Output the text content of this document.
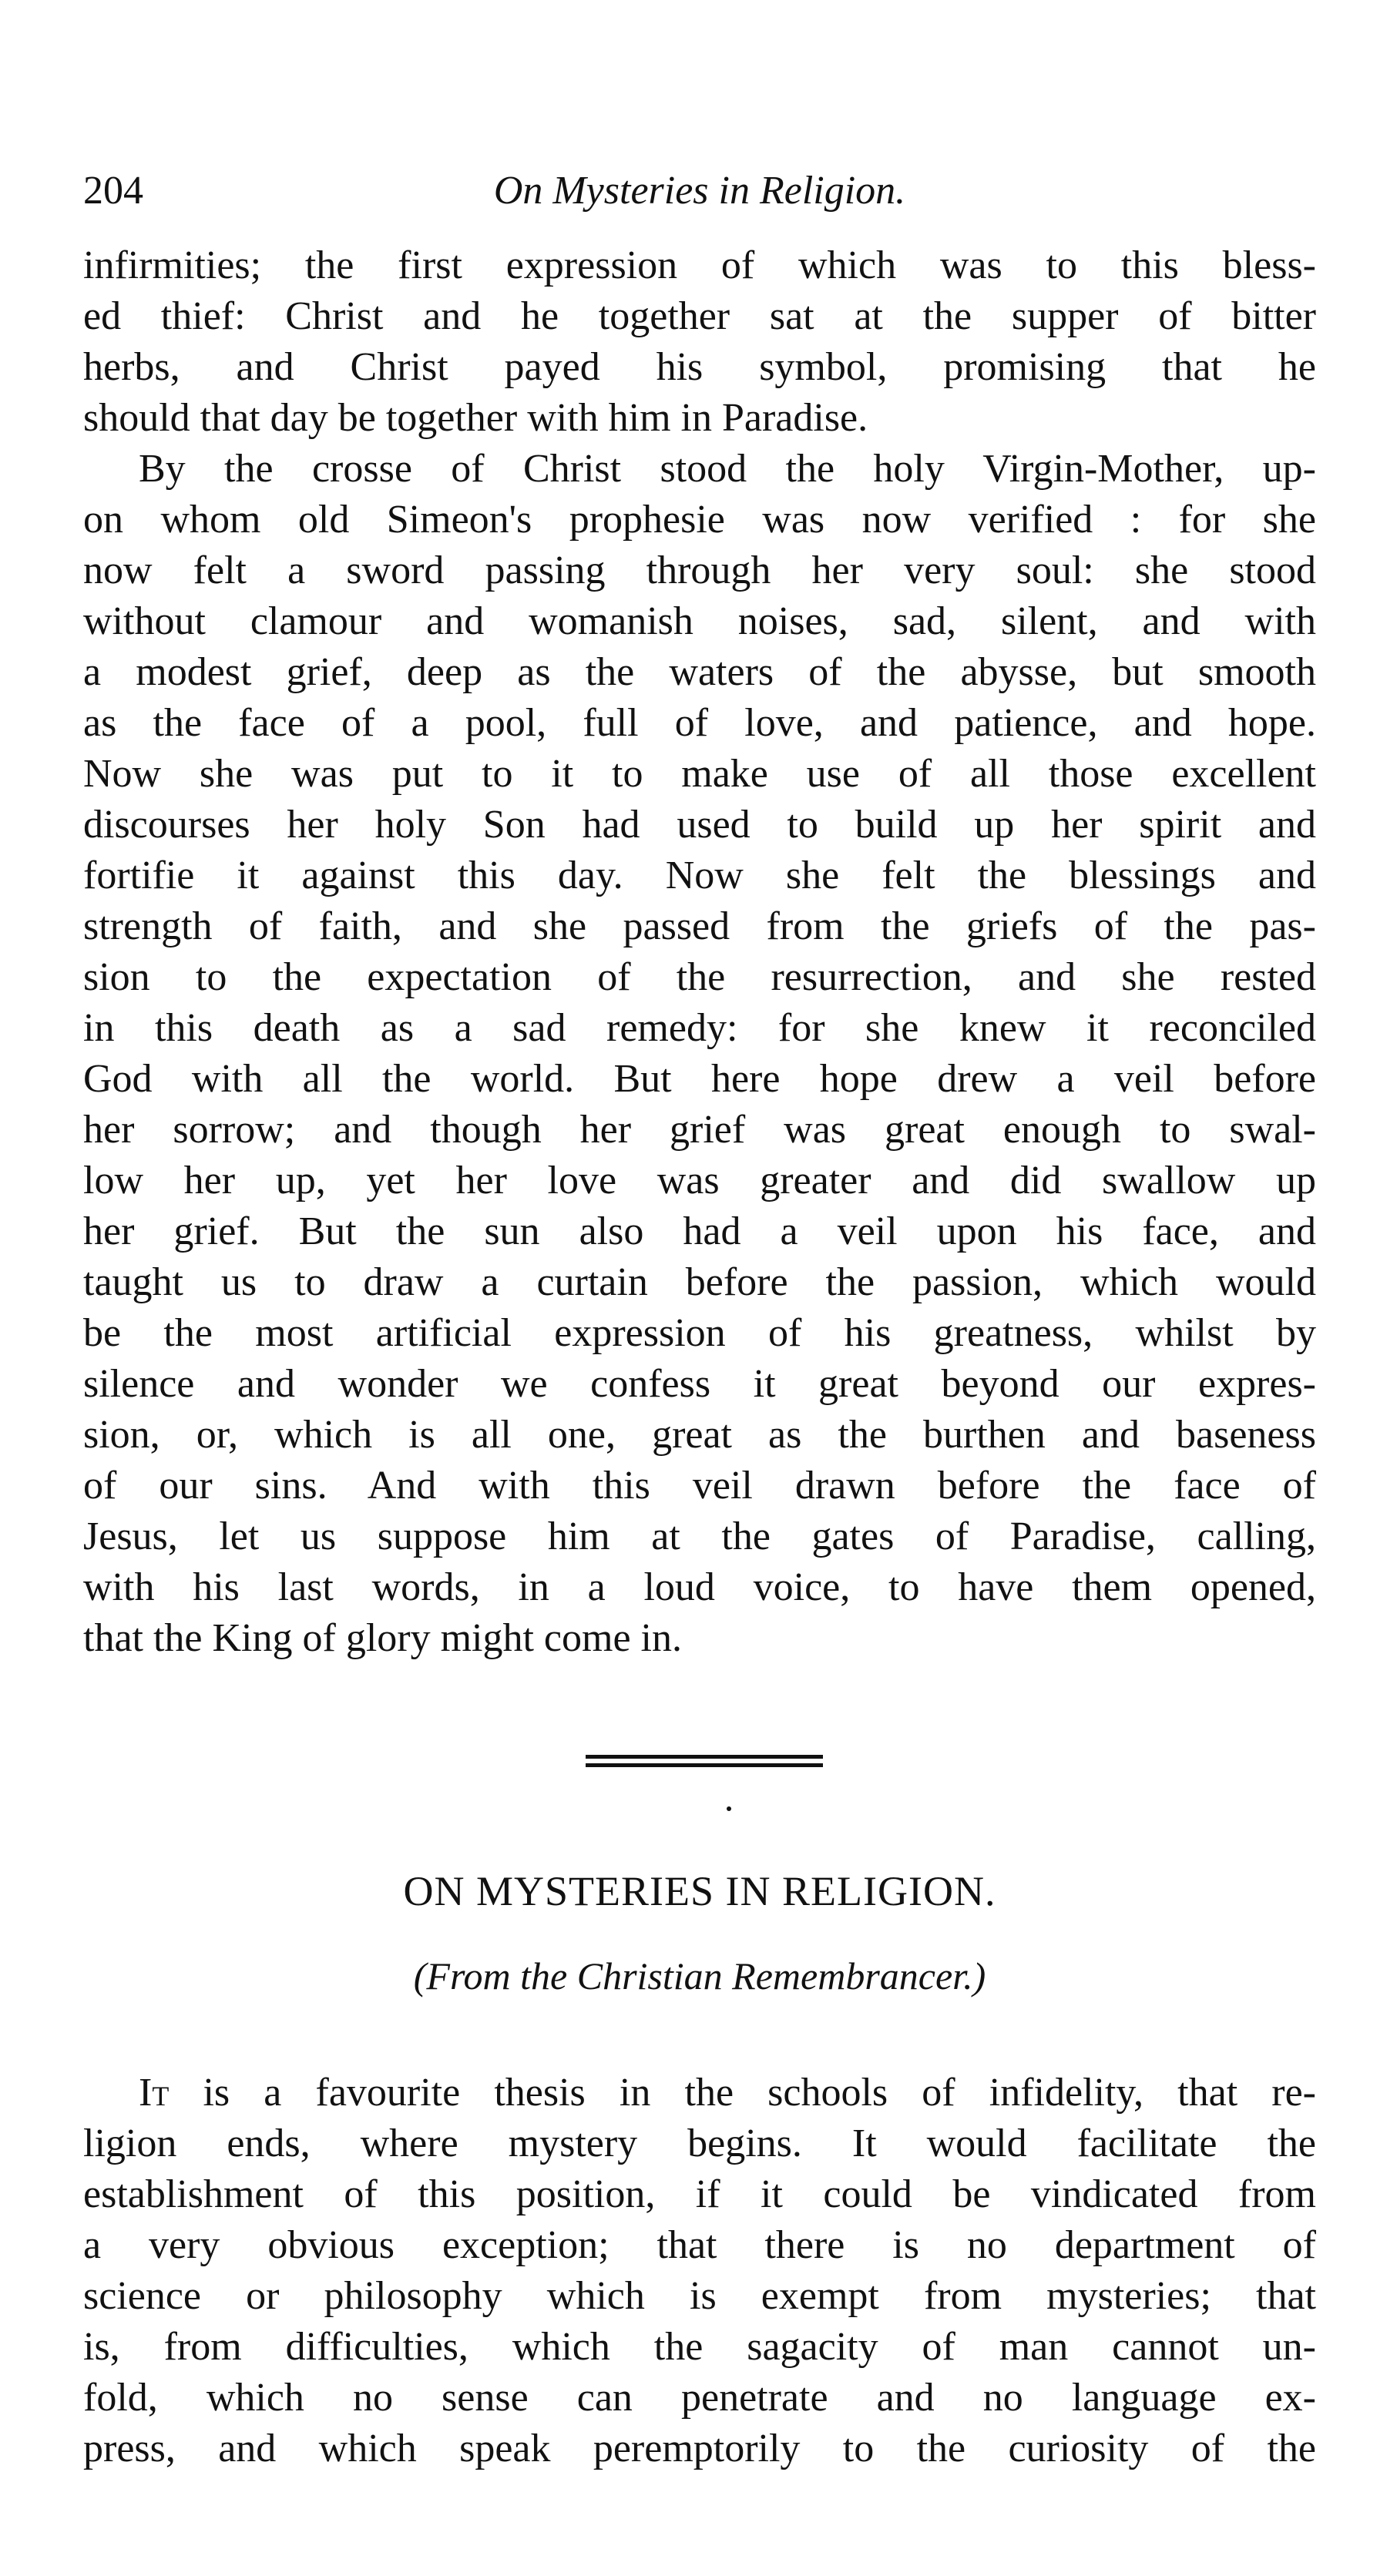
204	On Mysteries in Religion.
infirmities; the first expression of which was to this bless-
ed thief: Christ and he together sat at the supper of bitter
herbs, and Christ payed his symbol, promising that he
should that day be together with him in Paradise.
By the crosse of Christ stood the holy Virgin-Mother, up-
on whom old Simeon's prophesie was now verified : for she
now felt a sword passing through her very soul: she stood
without clamour and womanish noises, sad, silent, and with
a modest grief, deep as the waters of the abysse, but smooth
as the face of a pool, full of love, and patience, and hope.
Now she was put to it to make use of all those excellent
discourses her holy Son had used to build up her spirit and
fortifie it against this day. Now she felt the blessings and
strength of faith, and she passed from the griefs of the pas-
sion to the expectation of the resurrection, and she rested
in this death as a sad remedy: for she knew it reconciled
God with all the world. But here hope drew a veil before
her sorrow; and though her grief was great enough to swal-
low her up, yet her love was greater and did swallow up
her grief. But the sun also had a veil upon his face, and
taught us to draw a curtain before the passion, which would
be the most artificial expression of his greatness, whilst by
silence and wonder we confess it great beyond our expres-
sion, or, which is all one, great as the burthen and baseness
of our sins. And with this veil drawn before the face of
Jesus, let us suppose him at the gates of Paradise, calling,
with his last words, in a loud voice, to have them opened,
that the King of glory might come in.
ON MYSTERIES IN RELIGION.
(From the Christian Remembrancer.)
It is a favourite thesis in the schools of infidelity, that re-
ligion ends, where mystery begins. It would facilitate the
establishment of this position, if it could be vindicated from
a very obvious exception; that there is no department of
science or philosophy which is exempt from mysteries; that
is, from difficulties, which the sagacity of man cannot un-
fold, which no sense can penetrate and no language ex-
press, and which speak peremptorily to the curiosity of the
